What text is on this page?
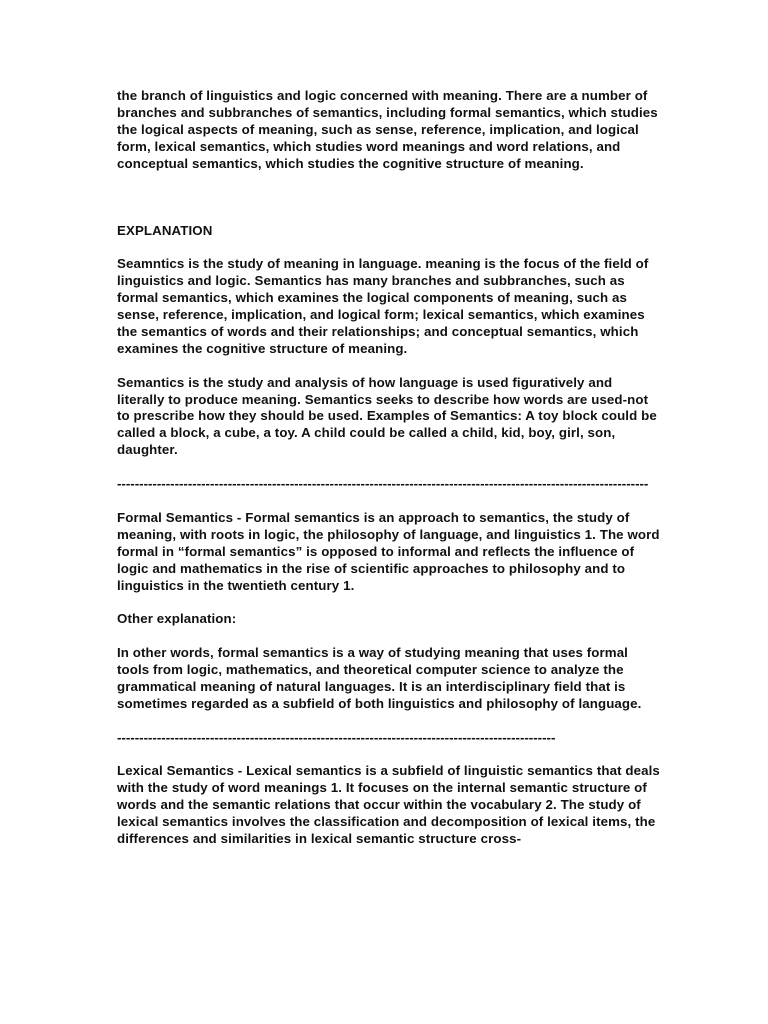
the branch of linguistics and logic concerned with meaning. There are a number of branches and subbranches of semantics, including formal semantics, which studies the logical aspects of meaning, such as sense, reference, implication, and logical form, lexical semantics, which studies word meanings and word relations, and conceptual semantics, which studies the cognitive structure of meaning.

EXPLANATION

Seamntics is the study of meaning in language. meaning is the focus of the field of linguistics and logic. Semantics has many branches and subbranches, such as formal semantics, which examines the logical components of meaning, such as sense, reference, implication, and logical form; lexical semantics, which examines the semantics of words and their relationships; and conceptual semantics, which examines the cognitive structure of meaning.

Semantics is the study and analysis of how language is used figuratively and literally to produce meaning. Semantics seeks to describe how words are used-not to prescribe how they should be used. Examples of Semantics: A toy block could be called a block, a cube, a toy. A child could be called a child, kid, boy, girl, son, daughter.

------------------------------------------------------------------------------------------------------------------------

Formal Semantics - Formal semantics is an approach to semantics, the study of meaning, with roots in logic, the philosophy of language, and linguistics 1. The word formal in “formal semantics” is opposed to informal and reflects the influence of logic and mathematics in the rise of scientific approaches to philosophy and to linguistics in the twentieth century 1.

Other explanation:

In other words, formal semantics is a way of studying meaning that uses formal tools from logic, mathematics, and theoretical computer science to analyze the grammatical meaning of natural languages. It is an interdisciplinary field that is sometimes regarded as a subfield of both linguistics and philosophy of language.

---------------------------------------------------------------------------------------------------

Lexical Semantics - Lexical semantics is a subfield of linguistic semantics that deals with the study of word meanings 1. It focuses on the internal semantic structure of words and the semantic relations that occur within the vocabulary 2. The study of lexical semantics involves the classification and decomposition of lexical items, the differences and similarities in lexical semantic structure cross-
